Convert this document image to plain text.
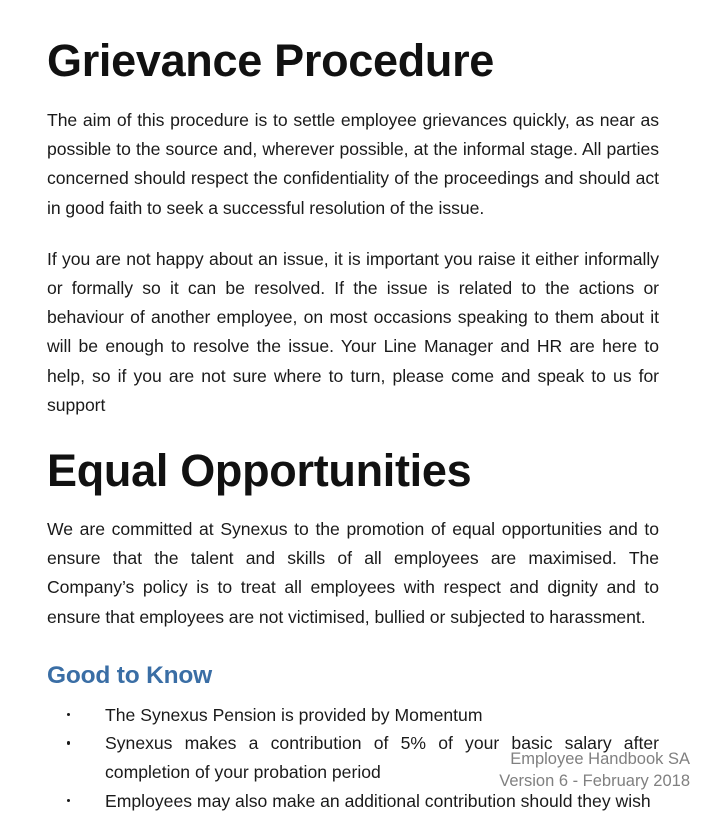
Grievance Procedure

The aim of this procedure is to settle employee grievances quickly, as near as possible to the source and, wherever possible, at the informal stage. All parties concerned should respect the confidentiality of the proceedings and should act in good faith to seek a successful resolution of the issue.

If you are not happy about an issue, it is important you raise it either informally or formally so it can be resolved. If the issue is related to the actions or behaviour of another employee, on most occasions speaking to them about it will be enough to resolve the issue. Your Line Manager and HR are here to help, so if you are not sure where to turn, please come and speak to us for support

Equal Opportunities

We are committed at Synexus to the promotion of equal opportunities and to ensure that the talent and skills of all employees are maximised. The Company’s policy is to treat all employees with respect and dignity and to ensure that employees are not victimised, bullied or subjected to harassment.

Good to Know
The Synexus Pension is provided by Momentum
Synexus makes a contribution of 5% of your basic salary after completion of your probation period
Employees may also make an additional contribution should they wish
Employee Handbook SA
Version 6 - February 2018
